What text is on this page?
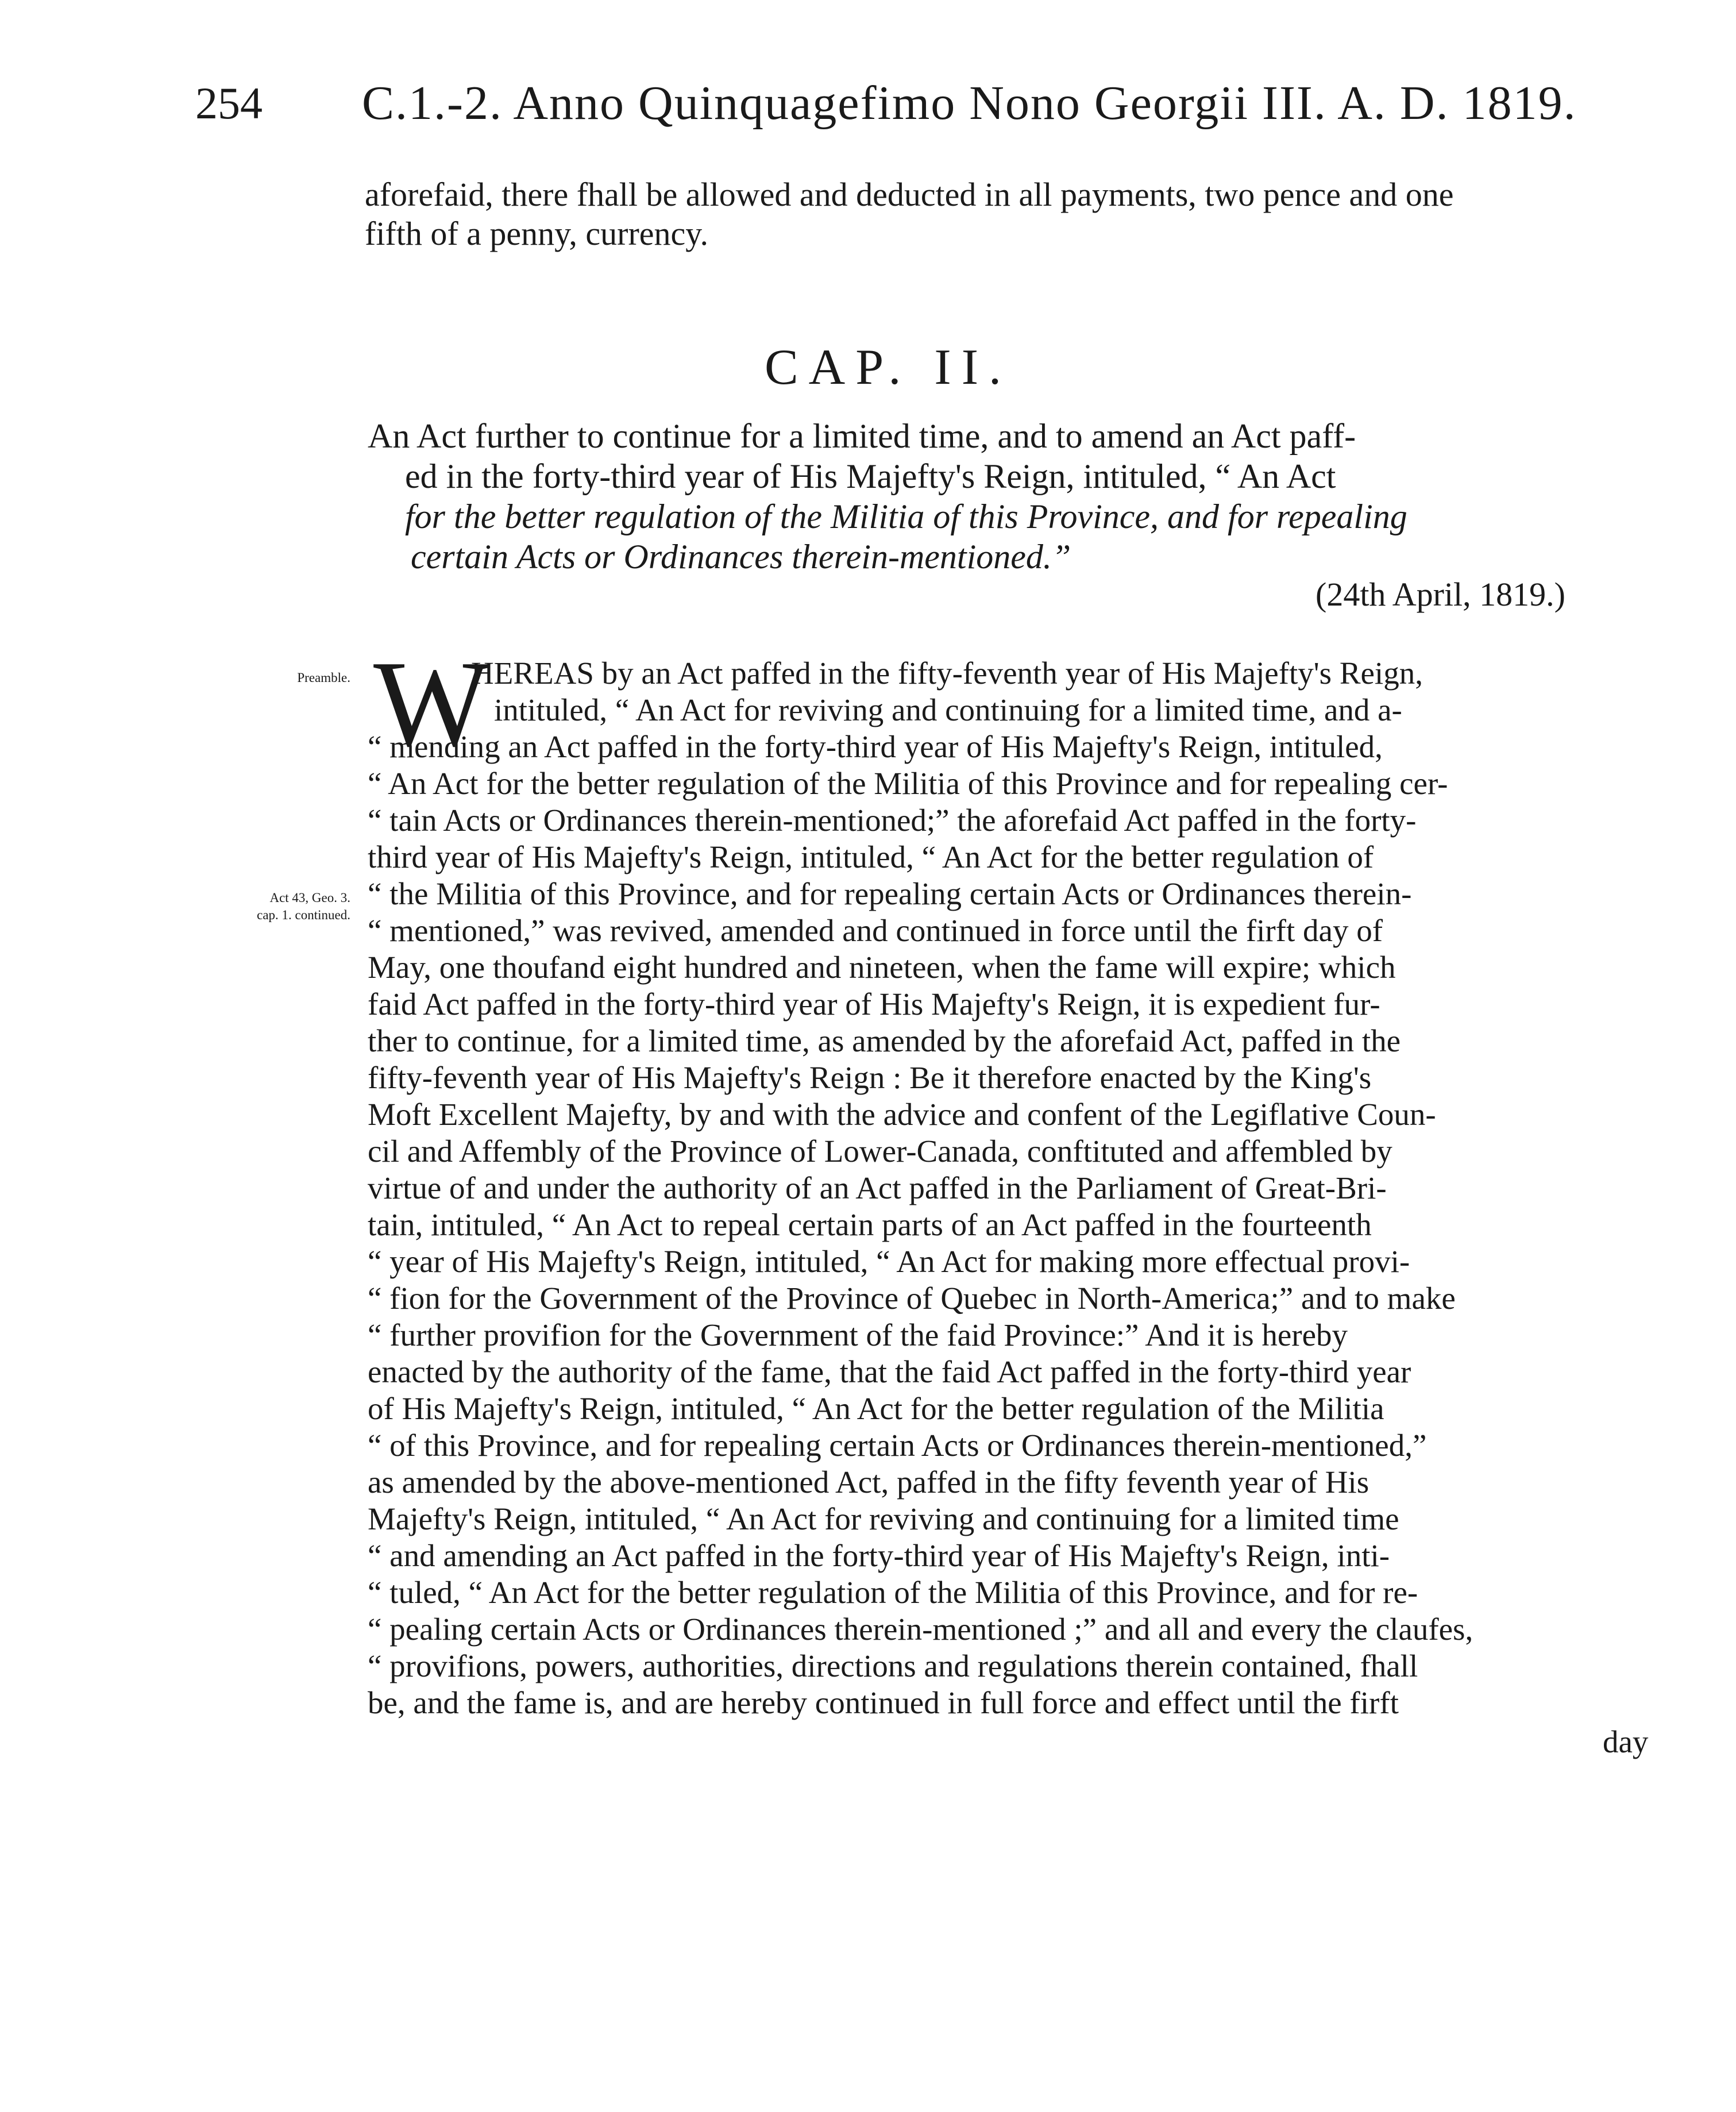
254 C.1.-2. Anno Quinquagefimo Nono Georgii III. A. D. 1819.
aforefaid, there fhall be allowed and deducted in all payments, two pence and one
fifth of a penny, currency.
CAP. II.
An Act further to continue for a limited time, and to amend an Act paff-
ed in the forty-third year of His Majefty's Reign, intituled, “ An Act
for the better regulation of the Militia of this Province, and for repealing
certain Acts or Ordinances therein-mentioned.”
(24th April, 1819.)
Preamble.
Act 43, Geo. 3.
cap. 1. continued.
W
HEREAS by an Act paffed in the fifty-feventh year of His Majefty's Reign,
intituled, “ An Act for reviving and continuing for a limited time, and a-
“ mending an Act paffed in the forty-third year of His Majefty's Reign, intituled,
“ An Act for the better regulation of the Militia of this Province and for repealing cer-
“ tain Acts or Ordinances therein-mentioned;” the aforefaid Act paffed in the forty-
third year of His Majefty's Reign, intituled, “ An Act for the better regulation of
“ the Militia of this Province, and for repealing certain Acts or Ordinances therein-
“ mentioned,” was revived, amended and continued in force until the firft day of
May, one thoufand eight hundred and nineteen, when the fame will expire; which
faid Act paffed in the forty-third year of His Majefty's Reign, it is expedient fur-
ther to continue, for a limited time, as amended by the aforefaid Act, paffed in the
fifty-feventh year of His Majefty's Reign : Be it therefore enacted by the King's
Moft Excellent Majefty, by and with the advice and confent of the Legiflative Coun-
cil and Affembly of the Province of Lower-Canada, conftituted and affembled by
virtue of and under the authority of an Act paffed in the Parliament of Great-Bri-
tain, intituled, “ An Act to repeal certain parts of an Act paffed in the fourteenth
“ year of His Majefty's Reign, intituled, “ An Act for making more effectual provi-
“ fion for the Government of the Province of Quebec in North-America;” and to make
“ further provifion for the Government of the faid Province:” And it is hereby
enacted by the authority of the fame, that the faid Act paffed in the forty-third year
of His Majefty's Reign, intituled, “ An Act for the better regulation of the Militia
“ of this Province, and for repealing certain Acts or Ordinances therein-mentioned,”
as amended by the above-mentioned Act, paffed in the fifty feventh year of His
Majefty's Reign, intituled, “ An Act for reviving and continuing for a limited time
“ and amending an Act paffed in the forty-third year of His Majefty's Reign, inti-
“ tuled, “ An Act for the better regulation of the Militia of this Province, and for re-
“ pealing certain Acts or Ordinances therein-mentioned ;” and all and every the claufes,
“ provifions, powers, authorities, directions and regulations therein contained, fhall
be, and the fame is, and are hereby continued in full force and effect until the firft
day
